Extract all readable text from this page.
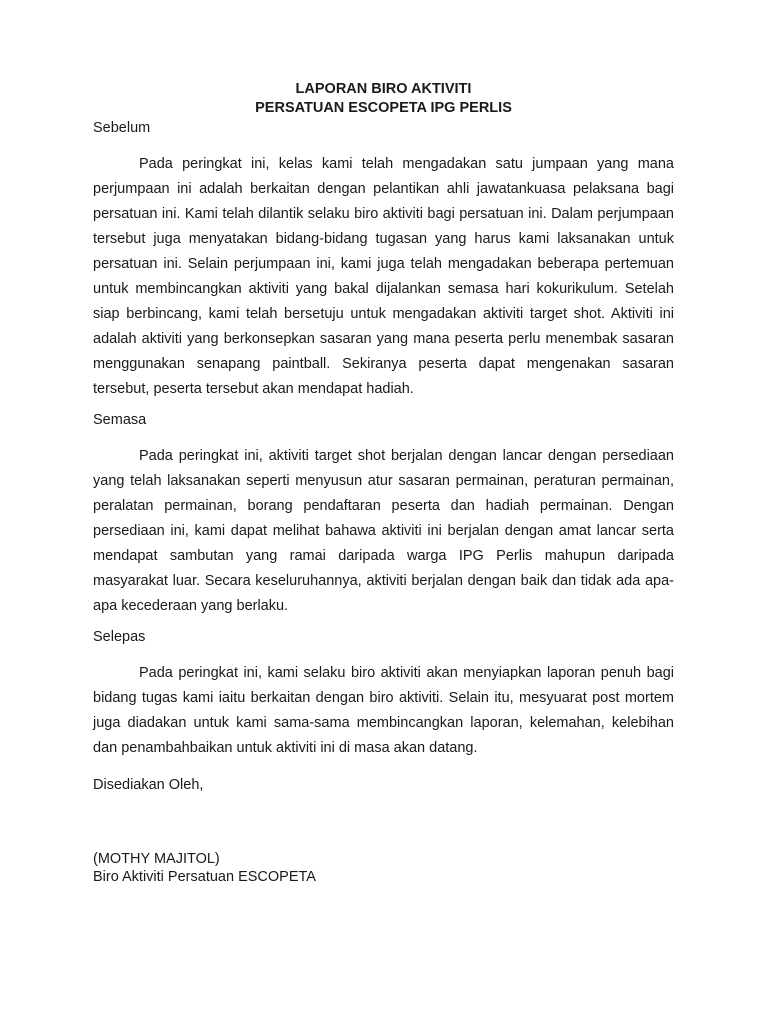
LAPORAN BIRO AKTIVITI
PERSATUAN ESCOPETA IPG PERLIS

Sebelum

Pada peringkat ini, kelas kami telah mengadakan satu jumpaan yang mana perjumpaan ini adalah berkaitan dengan pelantikan ahli jawatankuasa pelaksana bagi persatuan ini. Kami telah dilantik selaku biro aktiviti bagi persatuan ini. Dalam perjumpaan tersebut juga menyatakan bidang-bidang tugasan yang harus kami laksanakan untuk persatuan ini. Selain perjumpaan ini, kami juga telah mengadakan beberapa pertemuan untuk membincangkan aktiviti yang bakal dijalankan semasa hari kokurikulum. Setelah siap berbincang, kami telah bersetuju untuk mengadakan aktiviti target shot. Aktiviti ini adalah aktiviti yang berkonsepkan sasaran yang mana peserta perlu menembak sasaran menggunakan senapang paintball. Sekiranya peserta dapat mengenakan sasaran tersebut, peserta tersebut akan mendapat hadiah.

Semasa

Pada peringkat ini, aktiviti target shot berjalan dengan lancar dengan persediaan yang telah laksanakan seperti menyusun atur sasaran permainan, peraturan permainan, peralatan permainan, borang pendaftaran peserta dan hadiah permainan. Dengan persediaan ini, kami dapat melihat bahawa aktiviti ini berjalan dengan amat lancar serta mendapat sambutan yang ramai daripada warga IPG Perlis mahupun daripada masyarakat luar. Secara keseluruhannya, aktiviti berjalan dengan baik dan tidak ada apa-apa kecederaan yang berlaku.

Selepas

Pada peringkat ini, kami selaku biro aktiviti akan menyiapkan laporan penuh bagi bidang tugas kami iaitu berkaitan dengan biro aktiviti. Selain itu, mesyuarat post mortem juga diadakan untuk kami sama-sama membincangkan laporan, kelemahan, kelebihan dan penambahbaikan untuk aktiviti ini di masa akan datang.

Disediakan Oleh,

(MOTHY MAJITOL)
Biro Aktiviti Persatuan ESCOPETA
